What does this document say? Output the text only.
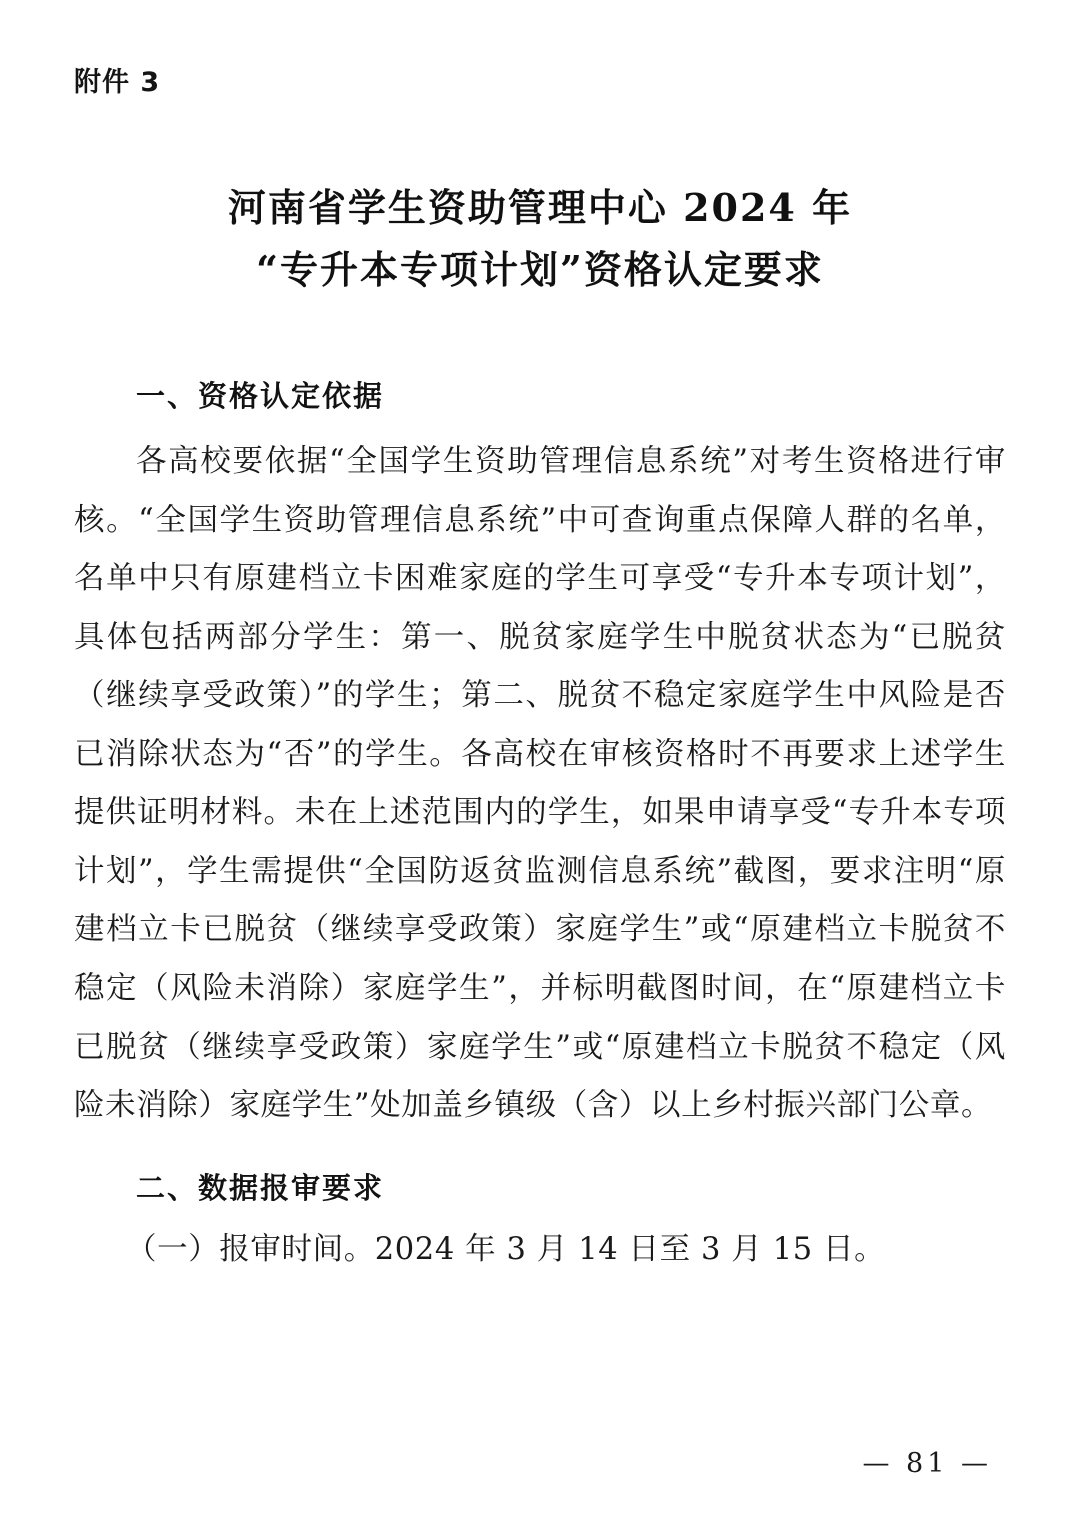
附件 3
河南省学生资助管理中心 2024 年
“专升本专项计划”资格认定要求
一、资格认定依据

各高校要依据“全国学生资助管理信息系统”对考生资格进行审核。“全国学生资助管理信息系统”中可查询重点保障人群的名单，名单中只有原建档立卡困难家庭的学生可享受“专升本专项计划”，具体包括两部分学生：第一、脱贫家庭学生中脱贫状态为“已脱贫（继续享受政策）”的学生；第二、脱贫不稳定家庭学生中风险是否已消除状态为“否”的学生。各高校在审核资格时不再要求上述学生提供证明材料。未在上述范围内的学生，如果申请享受“专升本专项计划”，学生需提供“全国防返贫监测信息系统”截图，要求注明“原建档立卡已脱贫（继续享受政策）家庭学生”或“原建档立卡脱贫不稳定（风险未消除）家庭学生”，并标明截图时间，在“原建档立卡已脱贫（继续享受政策）家庭学生”或“原建档立卡脱贫不稳定（风险未消除）家庭学生”处加盖乡镇级（含）以上乡村振兴部门公章。

二、数据报审要求

（一）报审时间。2024 年 3 月 14 日至 3 月 15 日。

— 81 —
